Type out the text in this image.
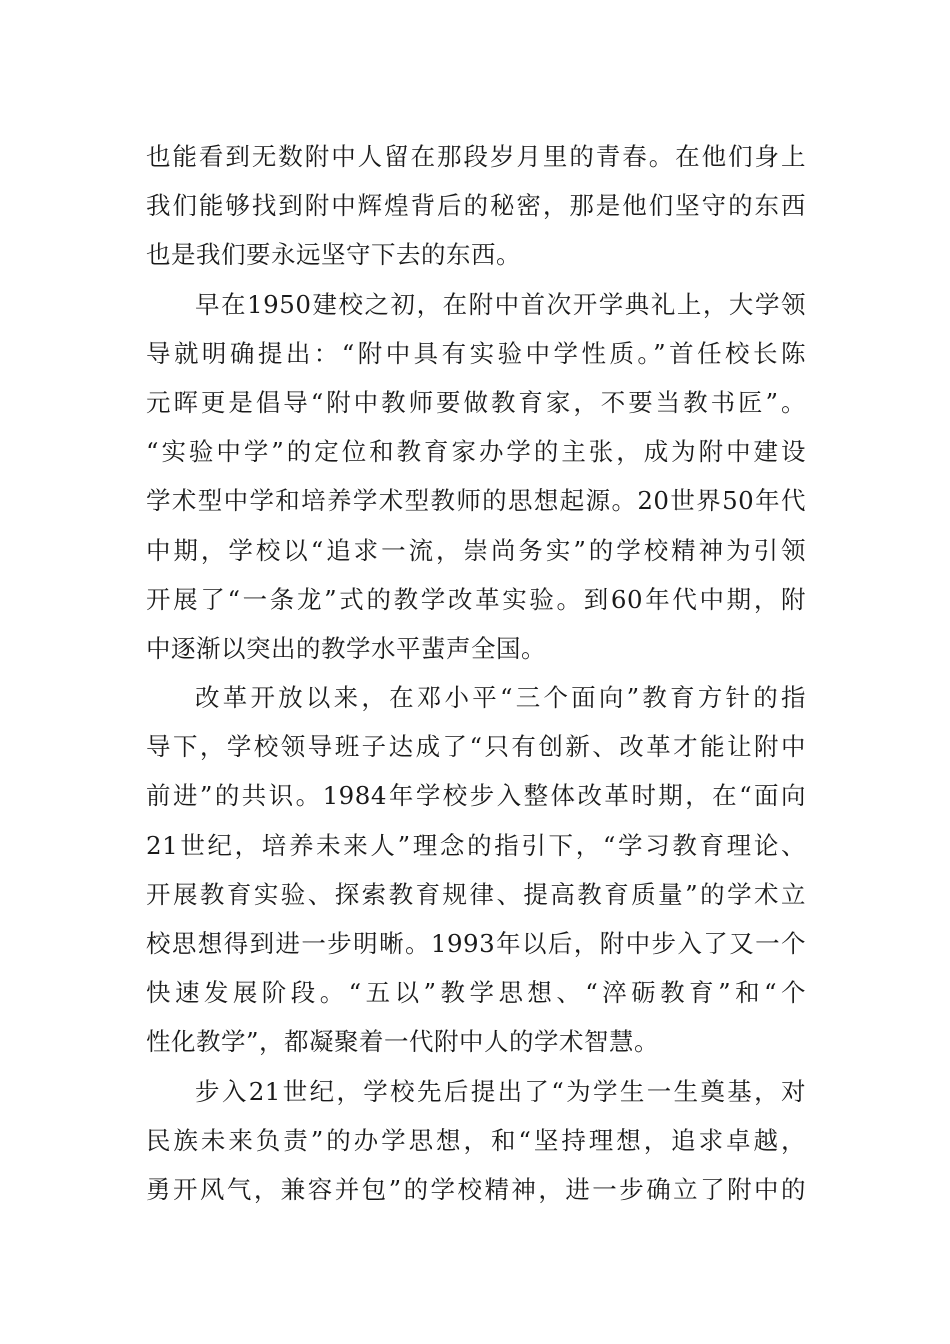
也能看到无数附中人留在那段岁月里的青春。在他们身上
我们能够找到附中辉煌背后的秘密，那是他们坚守的东西
也是我们要永远坚守下去的东西。
早在1950建校之初，在附中首次开学典礼上，大学领
导就明确提出：“附中具有实验中学性质。”首任校长陈
元晖更是倡导“附中教师要做教育家，不要当教书匠”。
“实验中学”的定位和教育家办学的主张，成为附中建设
学术型中学和培养学术型教师的思想起源。20世界50年代
中期，学校以“追求一流，崇尚务实”的学校精神为引领
开展了“一条龙”式的教学改革实验。到60年代中期，附
中逐渐以突出的教学水平蜚声全国。
改革开放以来，在邓小平“三个面向”教育方针的指
导下，学校领导班子达成了“只有创新、改革才能让附中
前进”的共识。1984年学校步入整体改革时期，在“面向
21世纪，培养未来人”理念的指引下，“学习教育理论、
开展教育实验、探索教育规律、提高教育质量”的学术立
校思想得到进一步明晰。1993年以后，附中步入了又一个
快速发展阶段。“五以”教学思想、“淬砺教育”和“个
性化教学”，都凝聚着一代附中人的学术智慧。
步入21世纪，学校先后提出了“为学生一生奠基，对
民族未来负责”的办学思想，和“坚持理想，追求卓越，
勇开风气，兼容并包”的学校精神，进一步确立了附中的
